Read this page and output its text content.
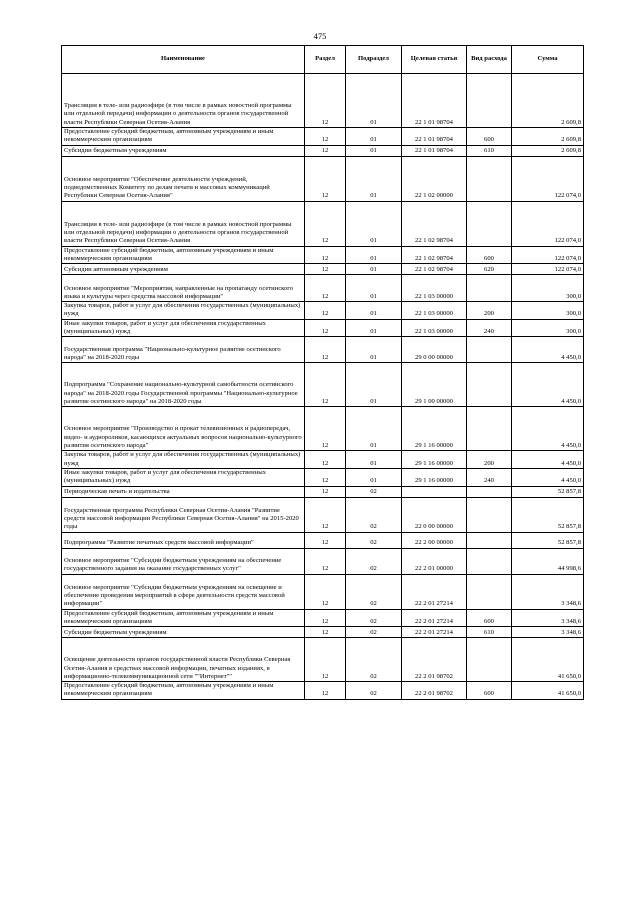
475
Наименование	Раздел	Подраздел	Целевая статья	Вид расхода	Сумма
Трансляция в теле- или радиоэфире (в том числе в рамках новостной программы или отдельной передачи) информации о деятельности органов государственной власти Республики Северная Осетия-Алания	12	01	22 1 01 98704		2 609,8
Предоставление субсидий бюджетным, автономным учреждениям и иным некоммерческим организациям	12	01	22 1 01 98704	600	2 609,8
Субсидии бюджетным учреждениям	12	01	22 1 01 98704	610	2 609,8
Основное мероприятие "Обеспечение деятельности учреждений, подведомственных Комитету по делам печати и массовых коммуникаций Республики Северная Осетия-Алания"	12	01	22 1 02 00000		122 074,0
Трансляция в теле- или радиоэфире (в том числе в рамках новостной программы или отдельной передачи) информации о деятельности органов государственной власти Республики Северная Осетия-Алания	12	01	22 1 02 98704		122 074,0
Предоставление субсидий бюджетным, автономным учреждениям и иным некоммерческим организациям	12	01	22 1 02 98704	600	122 074,0
Субсидии автономным учреждениям	12	01	22 1 02 98704	620	122 074,0
Основное мероприятие "Мероприятия, направленные на пропаганду осетинского языка и культуры через средства массовой информации"	12	01	22 1 03 00000		300,0
Закупка товаров, работ и услуг для обеспечения государственных (муниципальных) нужд	12	01	22 1 03 00000	200	300,0
Иные закупки товаров, работ и услуг для обеспечения государственных (муниципальных) нужд	12	01	22 1 03 00000	240	300,0
Государственная программа "Национально-культурное развитие осетинского народа" на 2018-2020 годы	12	01	29 0 00 00000		4 450,0
Подпрограмма "Сохранение национально-культурной самобытности осетинского народа" на 2018-2020 годы Государственной программы "Национально-культурное развитие осетинского народа" на 2018-2020 годы	12	01	29 1 00 00000		4 450,0
Основное мероприятие "Производство и прокат телевизионных и радиопередач, видео- и аудиороликов, касающихся актуальных вопросов национально-культурного развития осетинского народа"	12	01	29 1 16 00000		4 450,0
Закупка товаров, работ и услуг для обеспечения государственных (муниципальных) нужд	12	01	29 1 16 00000	200	4 450,0
Иные закупки товаров, работ и услуг для обеспечения государственных (муниципальных) нужд	12	01	29 1 16 00000	240	4 450,0
Периодическая печать и издательства	12	02			52 857,8
Государственная программа Республики Северная Осетия-Алания "Развитие средств массовой информации Республики Северная Осетия-Алания" на 2015-2020 годы	12	02	22 0 00 00000		52 857,8
Подпрограмма "Развитие печатных средств массовой информации"	12	02	22 2 00 00000		52 857,8
Основное мероприятие "Субсидии бюджетным учреждениям на обеспечение государственного задания на оказание государственных услуг"	12	02	22 2 01 00000		44 998,6
Основное мероприятие "Субсидии бюджетным учреждениям на освещение и обеспечение проведения мероприятий в сфере деятельности средств массовой информации"	12	02	22 2 01 27214		3 348,6
Предоставление субсидий бюджетным, автономным учреждениям и иным некоммерческим организациям	12	02	22 2 01 27214	600	3 348,6
Субсидии бюджетным учреждениям	12	02	22 2 01 27214	610	3 348,6
Освещение деятельности органов государственной власти Республики Северная Осетия-Алания в средствах массовой информации, печатных изданиях, в информационно-телекоммуникационной сети ""Интернет""	12	02	22 2 01 98702		41 650,0
Предоставление субсидий бюджетным, автономным учреждениям и иным некоммерческим организациям	12	02	22 2 01 98702	600	41 650,0
